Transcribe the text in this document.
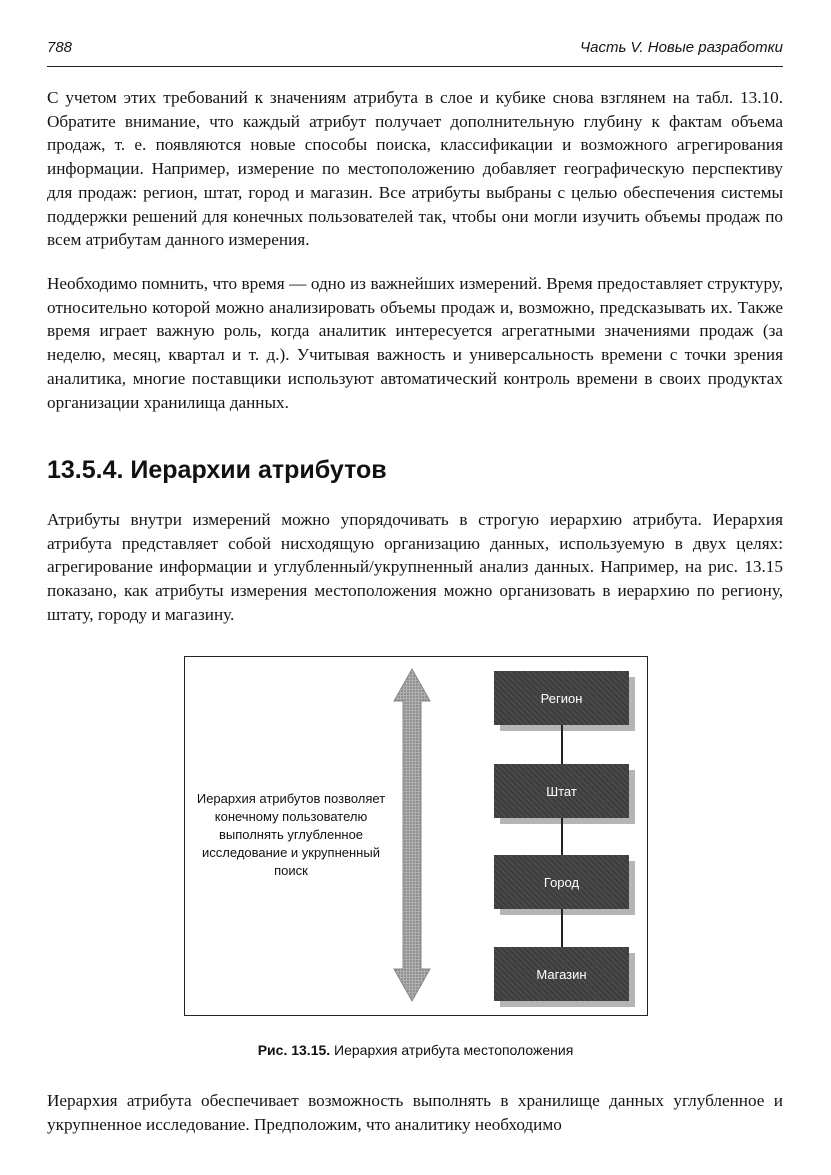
788	Часть V. Новые разработки

С учетом этих требований к значениям атрибута в слое и кубике снова взглянем на табл. 13.10. Обратите внимание, что каждый атрибут получает дополнительную глубину к фактам объема продаж, т. е. появляются новые способы поиска, классификации и возможного агрегирования информации. Например, измерение по местоположению добавляет географическую перспективу для продаж: регион, штат, город и магазин. Все атрибуты выбраны с целью обеспечения системы поддержки решений для конечных пользователей так, чтобы они могли изучить объемы продаж по всем атрибутам данного измерения.

Необходимо помнить, что время — одно из важнейших измерений. Время предоставляет структуру, относительно которой можно анализировать объемы продаж и, возможно, предсказывать их. Также время играет важную роль, когда аналитик интересуется агрегатными значениями продаж (за неделю, месяц, квартал и т. д.). Учитывая важность и универсальность времени с точки зрения аналитика, многие поставщики используют автоматический контроль времени в своих продуктах организации хранилища данных.

13.5.4. Иерархии атрибутов

Атрибуты внутри измерений можно упорядочивать в строгую иерархию атрибута. Иерархия атрибута представляет собой нисходящую организацию данных, используемую в двух целях: агрегирование информации и углубленный/укрупненный анализ данных. Например, на рис. 13.15 показано, как атрибуты измерения местоположения можно организовать в иерархию по региону, штату, городу и магазину.

Иерархия атрибутов позволяет конечному пользователю выполнять углубленное исследование и укрупненный поиск
Регион
Штат
Город
Магазин
Рис. 13.15. Иерархия атрибута местоположения

Иерархия атрибута обеспечивает возможность выполнять в хранилище данных углубленное и укрупненное исследование. Предположим, что аналитику необходимо
